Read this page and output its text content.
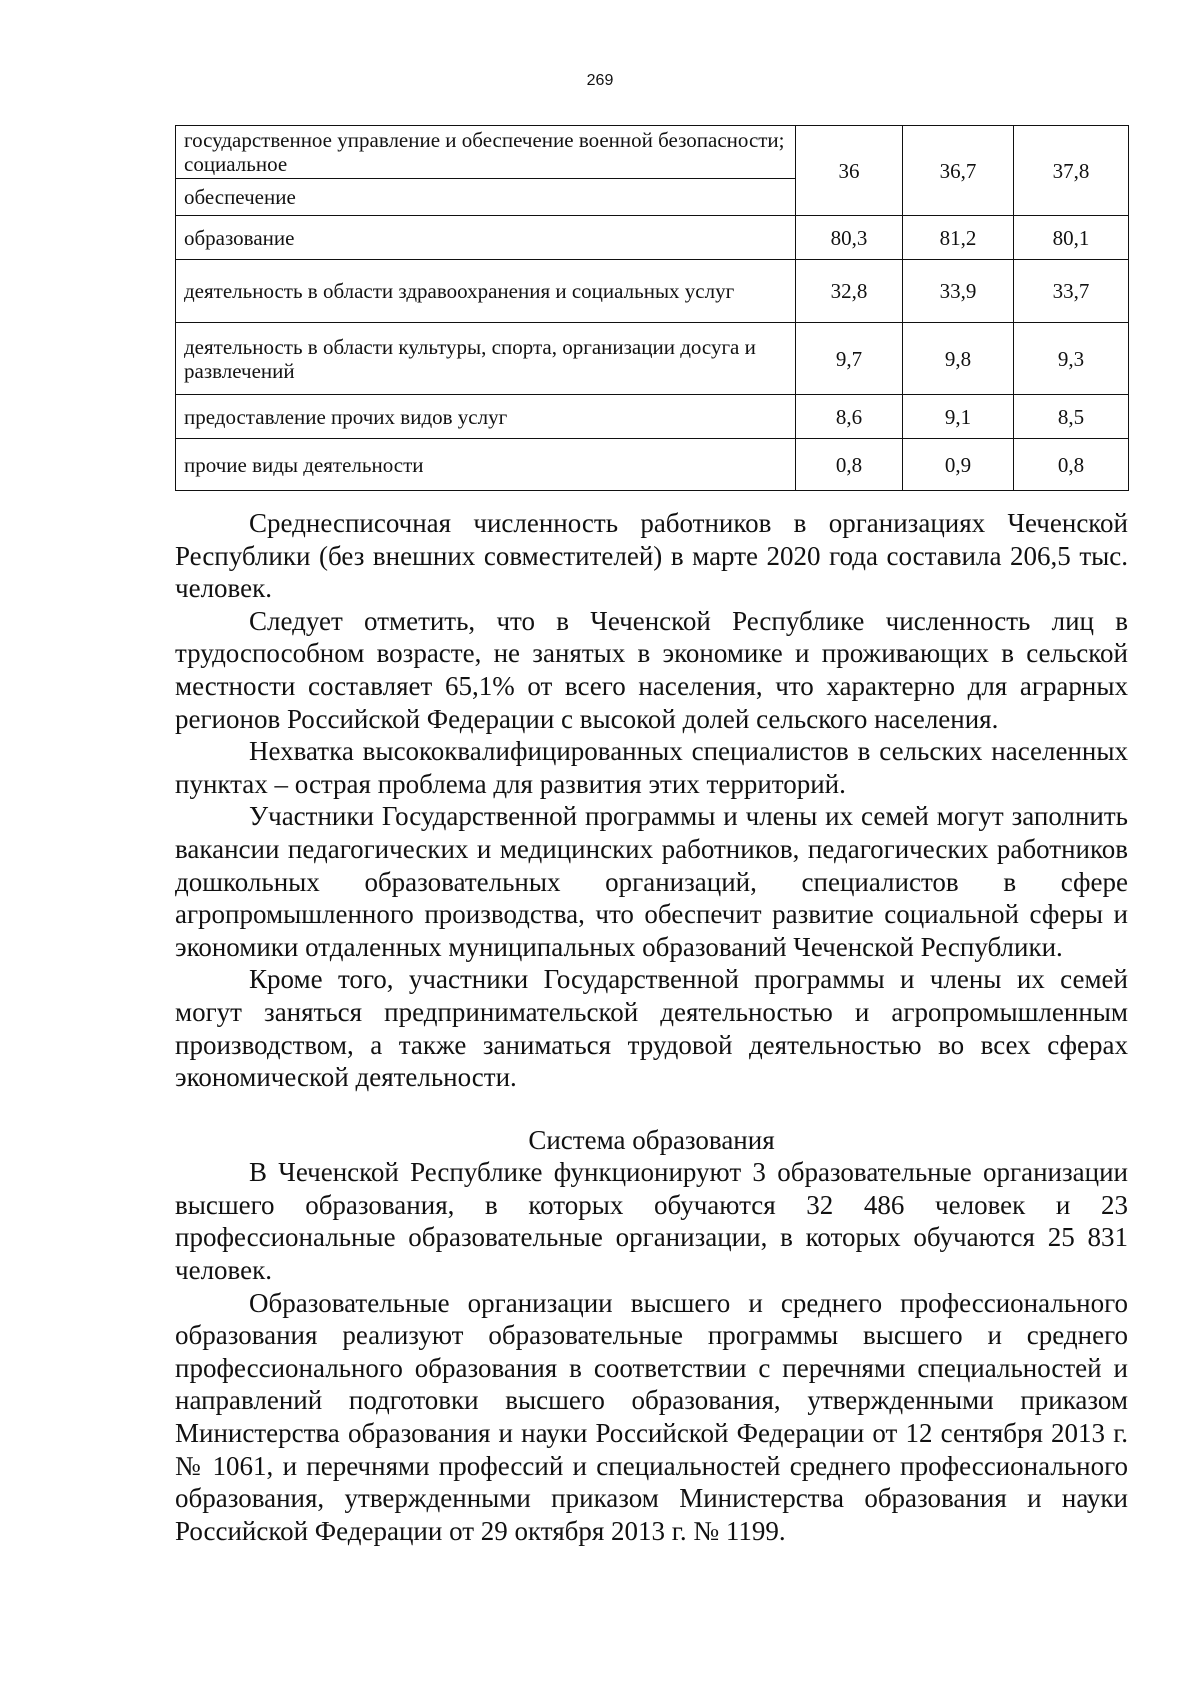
269
государственное управление и обеспечение военной безопасности; социальное	36	36,7	37,8
обеспечение			
образование	80,3	81,2	80,1
деятельность в области здравоохранения и социальных услуг	32,8	33,9	33,7
деятельность в области культуры, спорта, организации досуга и развлечений	9,7	9,8	9,3
предоставление прочих видов услуг	8,6	9,1	8,5
прочие виды деятельности	0,8	0,9	0,8

Среднесписочная численность работников в организациях Чеченской Республики (без внешних совместителей) в марте 2020 года составила 206,5 тыс. человек.

Следует отметить, что в Чеченской Республике численность лиц в трудоспособном возрасте, не занятых в экономике и проживающих в сельской местности составляет 65,1% от всего населения, что характерно для аграрных регионов Российской Федерации с высокой долей сельского населения.

Нехватка высококвалифицированных специалистов в сельских населенных пунктах – острая проблема для развития этих территорий.

Участники Государственной программы и члены их семей могут заполнить вакансии педагогических и медицинских работников, педагогических работников дошкольных образовательных организаций, специалистов в сфере агропромышленного производства, что обеспечит развитие социальной сферы и экономики отдаленных муниципальных образований Чеченской Республики.

Кроме того, участники Государственной программы и члены их семей могут заняться предпринимательской деятельностью и агропромышленным производством, а также заниматься трудовой деятельностью во всех сферах экономической деятельности.

Система образования

В Чеченской Республике функционируют 3 образовательные организации высшего образования, в которых обучаются 32 486 человек и 23 профессиональные образовательные организации, в которых обучаются 25 831 человек.

Образовательные организации высшего и среднего профессионального образования реализуют образовательные программы высшего и среднего профессионального образования в соответствии с перечнями специальностей и направлений подготовки высшего образования, утвержденными приказом Министерства образования и науки Российской Федерации от 12 сентября 2013 г. № 1061, и перечнями профессий и специальностей среднего профессионального образования, утвержденными приказом Министерства образования и науки Российской Федерации от 29 октября 2013 г. № 1199.
